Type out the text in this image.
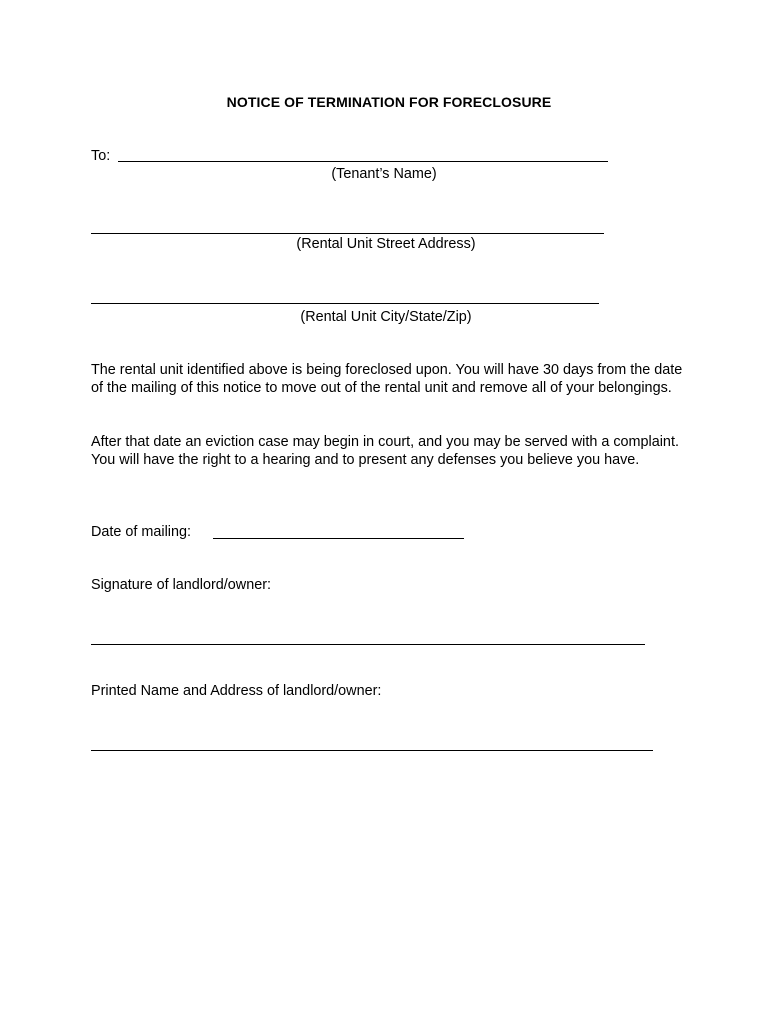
NOTICE OF TERMINATION FOR FORECLOSURE
To:
(Tenant’s Name)
(Rental Unit Street Address)
(Rental Unit City/State/Zip)
The rental unit identified above is being foreclosed upon. You will have 30 days from the date of the mailing of this notice to move out of the rental unit and remove all of your belongings.
After that date an eviction case may begin in court, and you may be served with a complaint. You will have the right to a hearing and to present any defenses you believe you have.
Date of mailing:
Signature of landlord/owner:
Printed Name and Address of landlord/owner:
